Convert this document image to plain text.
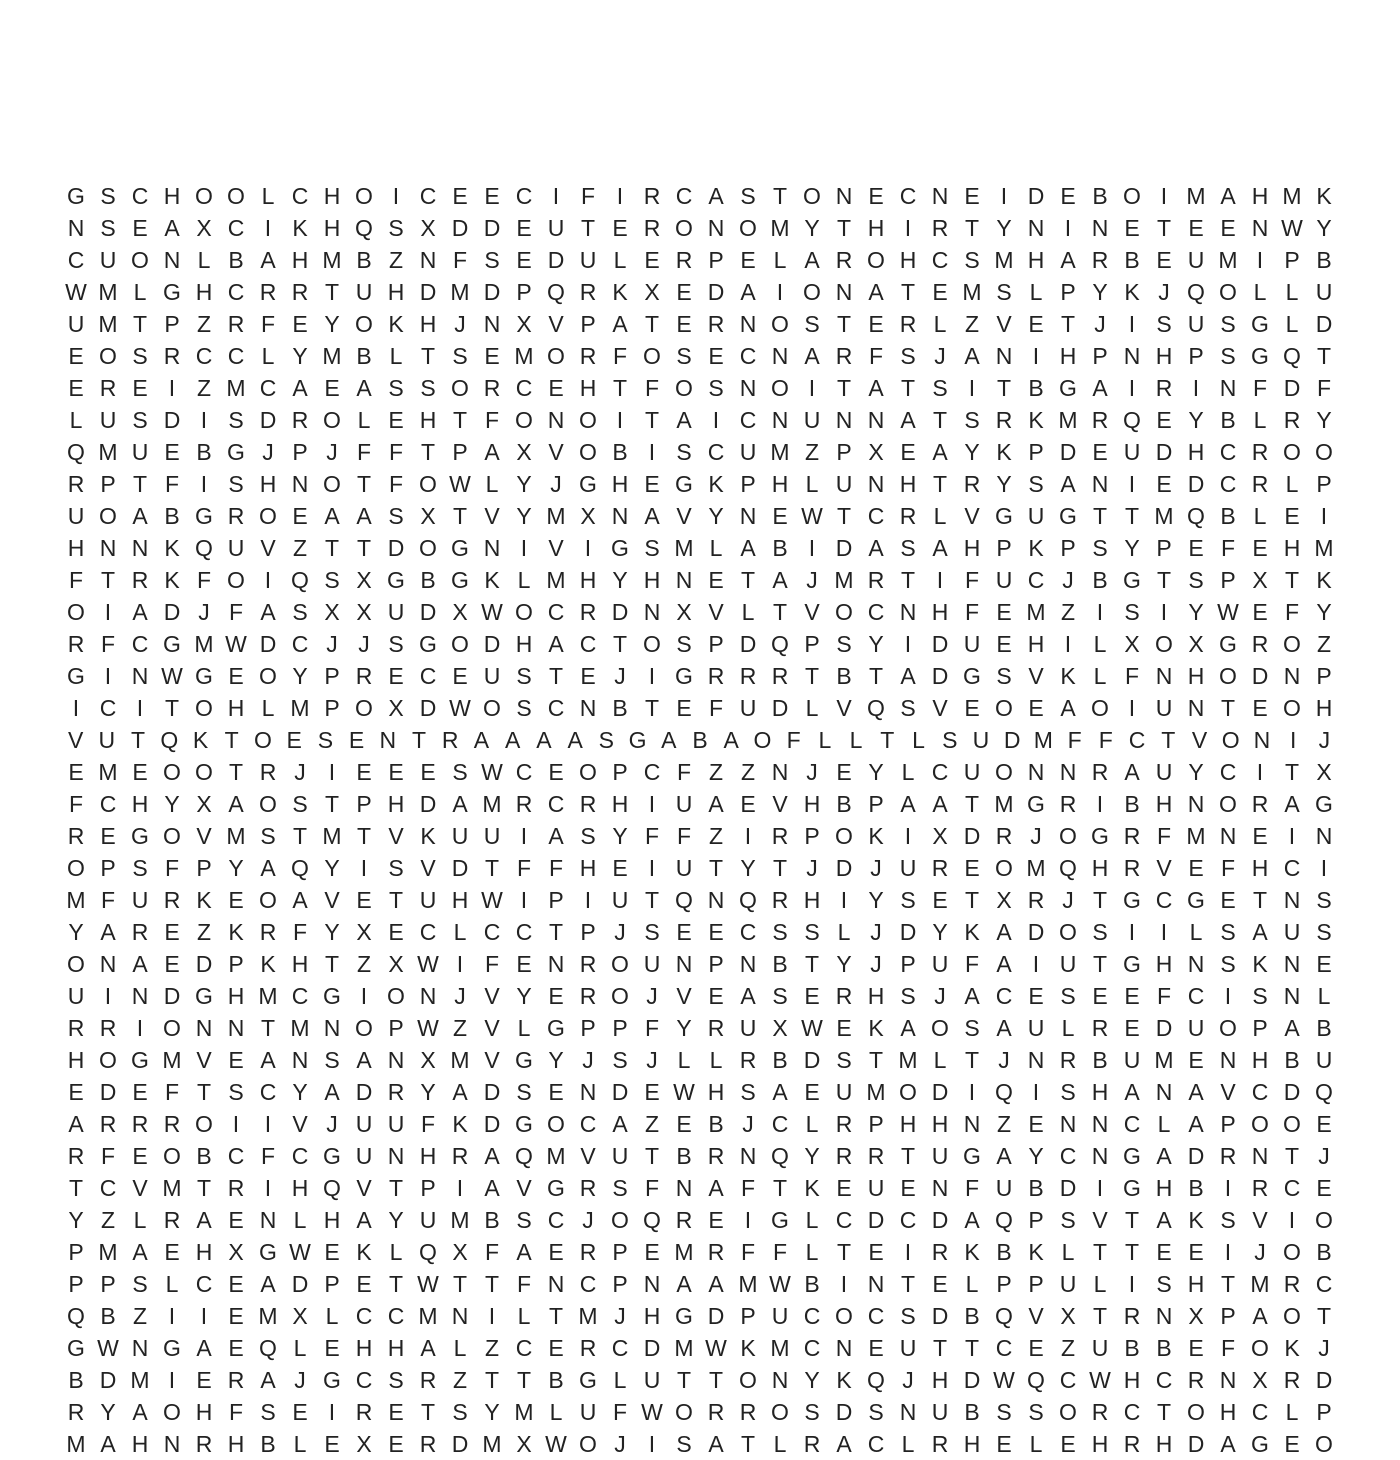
G S C H O O L C H O I C E E C I F I R C A S T O N E C N E I D E B O I M A H M K
N S E A X C I K H Q S X D D E U T E R O N O M Y T H I R T Y N I N E T E E N W Y
C U O N L B A H M B Z N F S E D U L E R P E L A R O H C S M H A R B E U M I P B
W M L G H C R R T U H D M D P Q R K X E D A I O N A T E M S L P Y K J Q O L L U
U M T P Z R F E Y O K H J N X V P A T E R N O S T E R L Z V E T J	I S U S G L D
E O S R C C L Y M B L T S E M O R F O S E C N A R F S J A N I H P N H P S G Q T
E R E I Z M C A E A S S O R C E H T F O S N O I T A T S I T B G A I R I N F D F
L U S D I S D R O L E H T F O N O I T A I C N U N N A T S R K M R Q E Y B L R Y
Q M U E B G J P J F F T P A X V O B I S C U M Z P X E A Y K P D E U D H C R O O
R P T F I S H N O T F O W L Y J G H E G K P H L U N H T R Y S A N I E D C R L P
U O A B G R O E A A S X T V Y M X N A V Y N E W T C R L V G U G T T M Q B L E I
H N N K Q U V Z T T D O G N I V I G S M L A B I D A S A H P K P S Y P E F E H M
F T R K F O I Q S X G B G K L M H Y H N E T A J M R T I F U C J B G T S P X T K
O I A D J F A S X X U D X W O C R D N X V L T V O C N H F E M Z I S I Y W E F Y
R F C G M W D C J J S G O D H A C T O S P D Q P S Y I D U E H I L X O X G R O Z
G I N W G E O Y P R E C E U S T E J	I G R R R T B T A D G S V K L F N H O D N P
I C I T O H L M P O X D W O S C N B T E F U D L V Q S V E O E A O I U N T E O H
V U T Q K T O E S E N T R A A A A S G A B A O F L L T L S U D M F F C T V O N I J
E M E O O T R J	I E E E S W C E O P C F Z Z N J E Y L C U O N N R A U Y C I T X
F C H Y X A O S T P H D A M R C R H I U A E V H B P A A T M G R I B H N O R A G
R E G O V M S T M T V K U U I A S Y F F Z I R P O K I X D R J O G R F M N E I N
O P S F P Y A Q Y I S V D T F F H E I U T Y T J D J U R E O M Q H R V E F H C I
M F U R K E O A V E T U H W I P I U T Q N Q R H I Y S E T X R J T G C G E T N S
Y A R E Z K R F Y X E C L C C T P J S E E C S S L J D Y K A D O S I	I L S A U S
O N A E D P K H T Z X W I F E N R O U N P N B T Y J P U F A I U T G H N S K N E
U I N D G H M C G I O N J V Y E R O J V E A S E R H S J A C E S E E F C I S N L
R R I O N N T M N O P W Z V L G P P F Y R U X W E K A O S A U L R E D U O P A B
H O G M V E A N S A N X M V G Y J S J L L R B D S T M L T J N R B U M E N H B U
E D E F T S C Y A D R Y A D S E N D E W H S A E U M O D I Q I S H A N A V C D Q
A R R R O I	I V J U U F K D G O C A Z E B J C L R P H H N Z E N N C L A P O O E
R F E O B C F C G U N H R A Q M V U T B R N Q Y R R T U G A Y C N G A D R N T J
T C V M T R I H Q V T P I A V G R S F N A F T K E U E N F U B D I G H B I R C E
Y Z L R A E N L H A Y U M B S C J O Q R E I G L C D C D A Q P S V T A K S V I O
P M A E H X G W E K L Q X F A E R P E M R F F L T E I R K B K L T T E E I	J O B
P P S L C E A D P E T W T T F N C P N A A M W B I N T E L P P U L I S H T M R C
Q B Z I	I E M X L C C M N I L T M J H G D P U C O C S D B Q V X T R N X P A O T
G W N G A E Q L E H H A L Z C E R C D M W K M C N E U T T C E Z U B B E F O K J
B D M I E R A J G C S R Z T T B G L U T T O N Y K Q J H D W Q C W H C R N X R D
R Y A O H F S E I R E T S Y M L U F W O R R O S D S N U B S S O R C T O H C L P
M A H N R H B L E X E R D M X W O J	I S A T L R A C L R H E L E H R H D A G E O
